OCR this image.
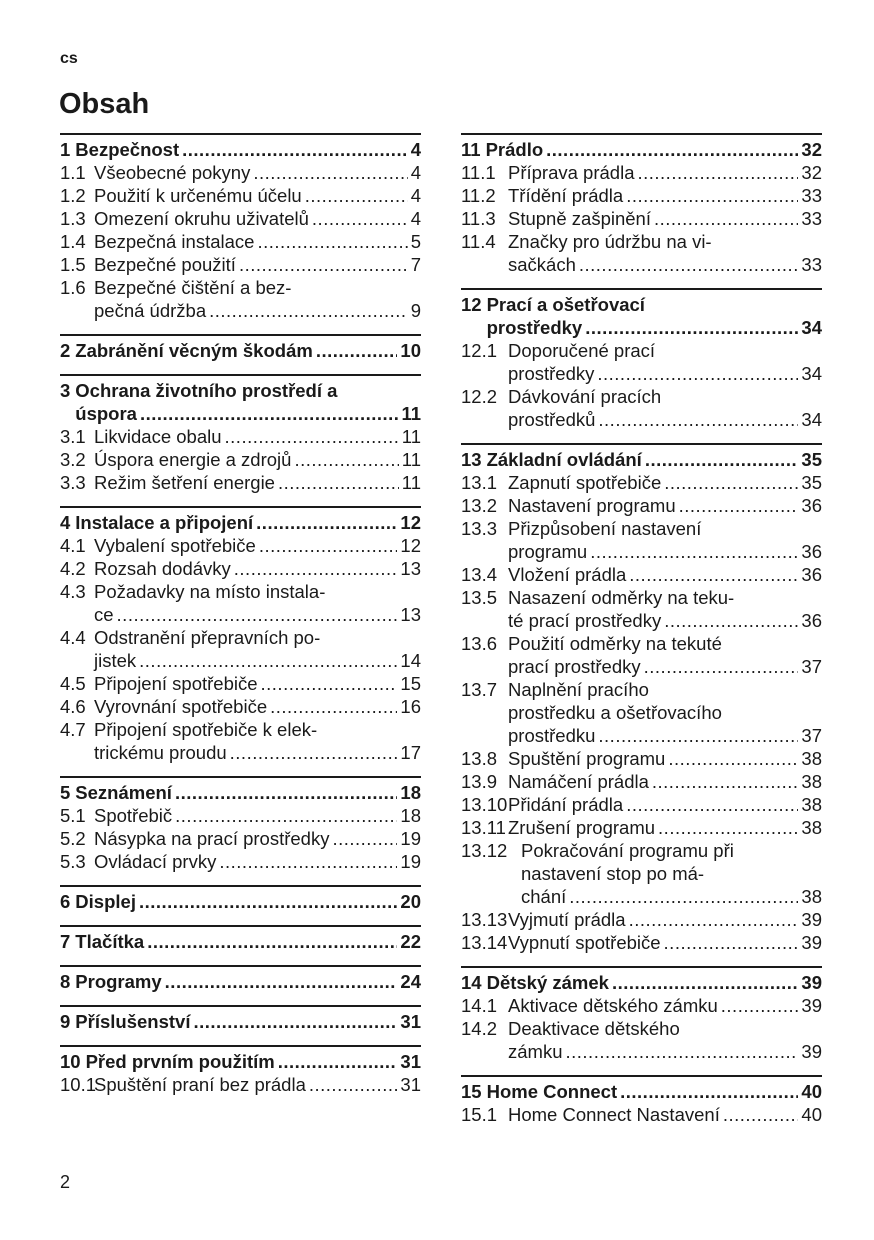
cs
Obsah
1 Bezpečnost .....	4
1.1 Všeobecné pokyny .....	4
1.2 Použití k určenému účelu .....	4
1.3 Omezení okruhu uživatelů .....	4
1.4 Bezpečná instalace .....	5
1.5 Bezpečné použití .....	7
1.6 Bezpečné čištění a bez-
pečná údržba .....	9
2 Zabránění věcným škodám .....	10
3 Ochrana životního prostředí a
úspora .....	11
3.1 Likvidace obalu .....	11
3.2 Úspora energie a zdrojů .....	11
3.3 Režim šetření energie .....	11
4 Instalace a připojení .....	12
4.1 Vybalení spotřebiče .....	12
4.2 Rozsah dodávky .....	13
4.3 Požadavky na místo instala-
ce .....	13
4.4 Odstranění přepravních po-
jistek .....	14
4.5 Připojení spotřebiče .....	15
4.6 Vyrovnání spotřebiče .....	16
4.7 Připojení spotřebiče k elek-
trickému proudu .....	17
5 Seznámení .....	18
5.1 Spotřebič .....	18
5.2 Násypka na prací prostředky .....	19
5.3 Ovládací prvky .....	19
6 Displej .....	20
7 Tlačítka .....	22
8 Programy .....	24
9 Příslušenství .....	31
10 Před prvním použitím .....	31
10.1
Spuštění praní bez prádla .....	31
11 Prádlo .....	32
11.1 Příprava prádla .....	32
11.2 Třídění prádla .....	33
11.3 Stupně zašpinění .....	33
11.4 Značky pro údržbu na vi-
sačkách .....	33
12 Prací a ošetřovací
prostředky .....	34
12.1 Doporučené prací
prostředky .....	34
12.2 Dávkování pracích
prostředků .....	34
13 Základní ovládání .....	35
13.1 Zapnutí spotřebiče .....	35
13.2 Nastavení programu .....	36
13.3 Přizpůsobení nastavení
programu .....	36
13.4 Vložení prádla .....	36
13.5 Nasazení odměrky na teku-
té prací prostředky .....	36
13.6 Použití odměrky na tekuté
prací prostředky .....	37
13.7 Naplnění pracího
prostředku a ošetřovacího
prostředku .....	37
13.8 Spuštění programu .....	38
13.9 Namáčení prádla .....	38
13.10 Přidání prádla .....	38
13.11 Zrušení programu .....	38
13.12 Pokračování programu při
nastavení stop po má-
chání .....	38
13.13 Vyjmutí prádla .....	39
13.14 Vypnutí spotřebiče .....	39
14 Dětský zámek .....	39
14.1 Aktivace dětského zámku .....	39
14.2 Deaktivace dětského
zámku .....	39
15 Home Connect .....	40
15.1 Home Connect Nastavení .....	40
2
